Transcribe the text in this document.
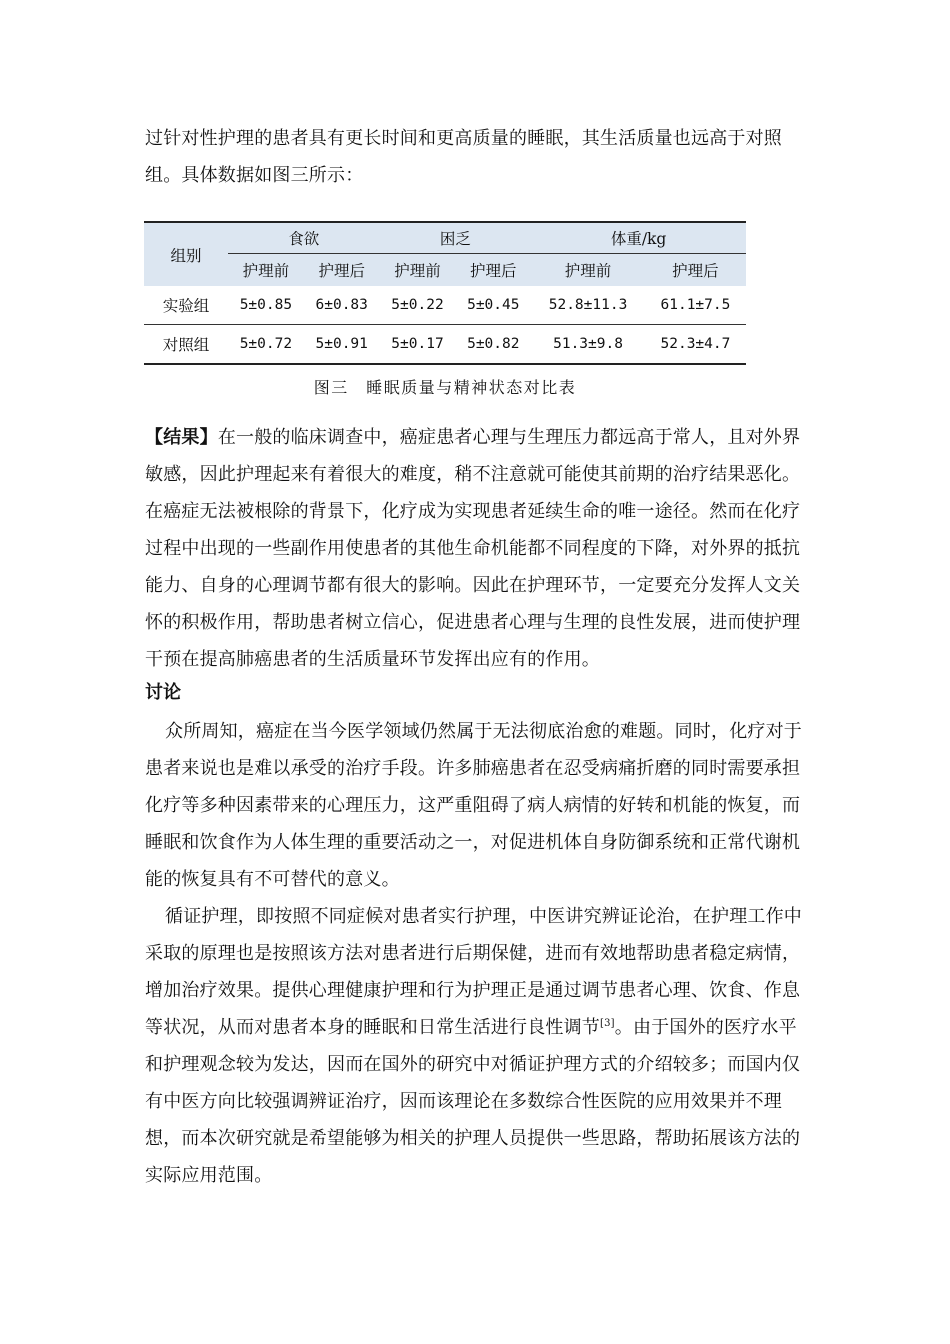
过针对性护理的患者具有更长时间和更高质量的睡眠，其生活质量也远高于对照组。具体数据如图三所示：

组别	食欲		困乏		体重/kg	
	护理前	护理后	护理前	护理后	护理前	护理后
实验组	5±0.85	6±0.83	5±0.22	5±0.45	52.8±11.3	61.1±7.5
对照组	5±0.72	5±0.91	5±0.17	5±0.82	51.3±9.8	52.3±4.7
图三　睡眠质量与精神状态对比表

【结果】在一般的临床调查中，癌症患者心理与生理压力都远高于常人，且对外界敏感，因此护理起来有着很大的难度，稍不注意就可能使其前期的治疗结果恶化。在癌症无法被根除的背景下，化疗成为实现患者延续生命的唯一途径。然而在化疗过程中出现的一些副作用使患者的其他生命机能都不同程度的下降，对外界的抵抗能力、自身的心理调节都有很大的影响。因此在护理环节，一定要充分发挥人文关怀的积极作用，帮助患者树立信心，促进患者心理与生理的良性发展，进而使护理干预在提高肺癌患者的生活质量环节发挥出应有的作用。

讨论

众所周知，癌症在当今医学领域仍然属于无法彻底治愈的难题。同时，化疗对于患者来说也是难以承受的治疗手段。许多肺癌患者在忍受病痛折磨的同时需要承担化疗等多种因素带来的心理压力，这严重阻碍了病人病情的好转和机能的恢复，而睡眠和饮食作为人体生理的重要活动之一，对促进机体自身防御系统和正常代谢机能的恢复具有不可替代的意义。

循证护理，即按照不同症候对患者实行护理，中医讲究辨证论治，在护理工作中采取的原理也是按照该方法对患者进行后期保健，进而有效地帮助患者稳定病情，增加治疗效果。提供心理健康护理和行为护理正是通过调节患者心理、饮食、作息等状况，从而对患者本身的睡眠和日常生活进行良性调节[3]。由于国外的医疗水平和护理观念较为发达，因而在国外的研究中对循证护理方式的介绍较多；而国内仅有中医方向比较强调辨证治疗，因而该理论在多数综合性医院的应用效果并不理想，而本次研究就是希望能够为相关的护理人员提供一些思路，帮助拓展该方法的实际应用范围。
